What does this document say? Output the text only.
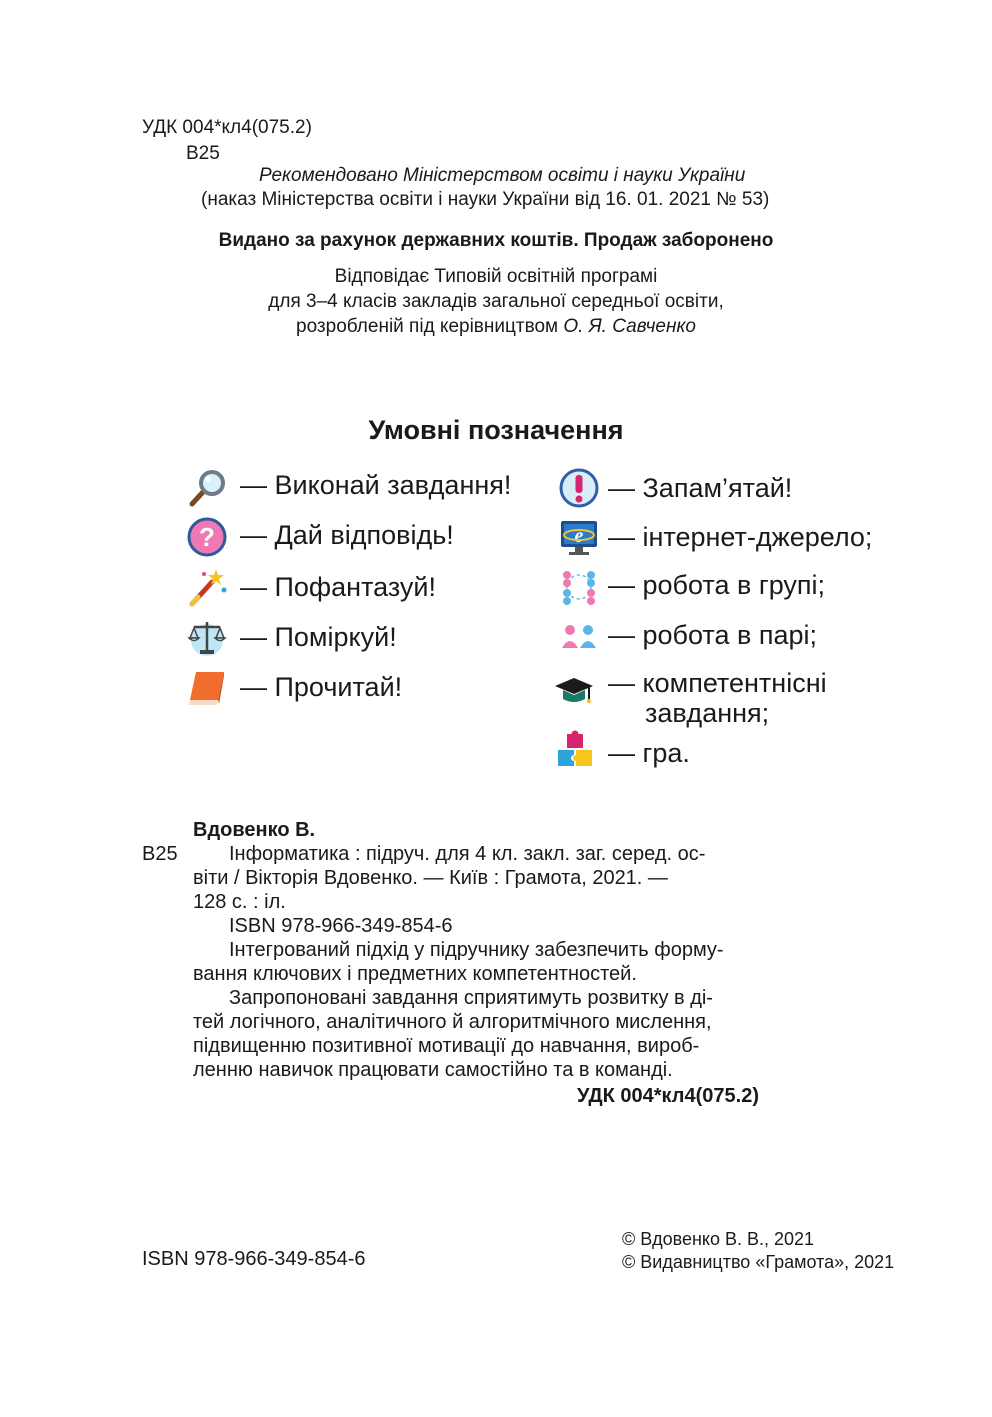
УДК 004*кл4(075.2)
В25
Рекомендовано Міністерством освіти і науки України
(наказ Міністерства освіти і науки України від 16. 01. 2021 № 53)
Видано за рахунок державних коштів. Продаж заборонено
Відповідає Типовій освітній програмі
для 3–4 класів закладів загальної середньої освіти,
розробленій під керівництвом О. Я. Савченко
Умовні позначення
— Виконай завдання!
? — Дай відповідь!
— Пофантазуй!
— Поміркуй!
— Прочитай!
— Запам’ятай!
e — інтернет-джерело;
— робота в групі;
— робота в парі;
— компетентнісні
завдання;
— гра.
Вдовенко В.
В25	Інформатика : підруч. для 4 кл. закл. заг. серед. ос-
віти / Вікторія Вдовенко. — Київ : Грамота, 2021. —
128 с. : іл.
ISBN 978-966-349-854-6
Інтегрований підхід у підручнику забезпечить форму-
вання ключових і предметних компетентностей.
Запропоновані завдання сприятимуть розвитку в ді-
тей логічного, аналітичного й алгоритмічного мислення,
підвищенню позитивної мотивації до навчання, вироб-
ленню навичок працювати самостійно та в команді.
УДК 004*кл4(075.2)
ISBN 978-966-349-854-6
© Вдовенко В. В., 2021
© Видавництво «Грамота», 2021
